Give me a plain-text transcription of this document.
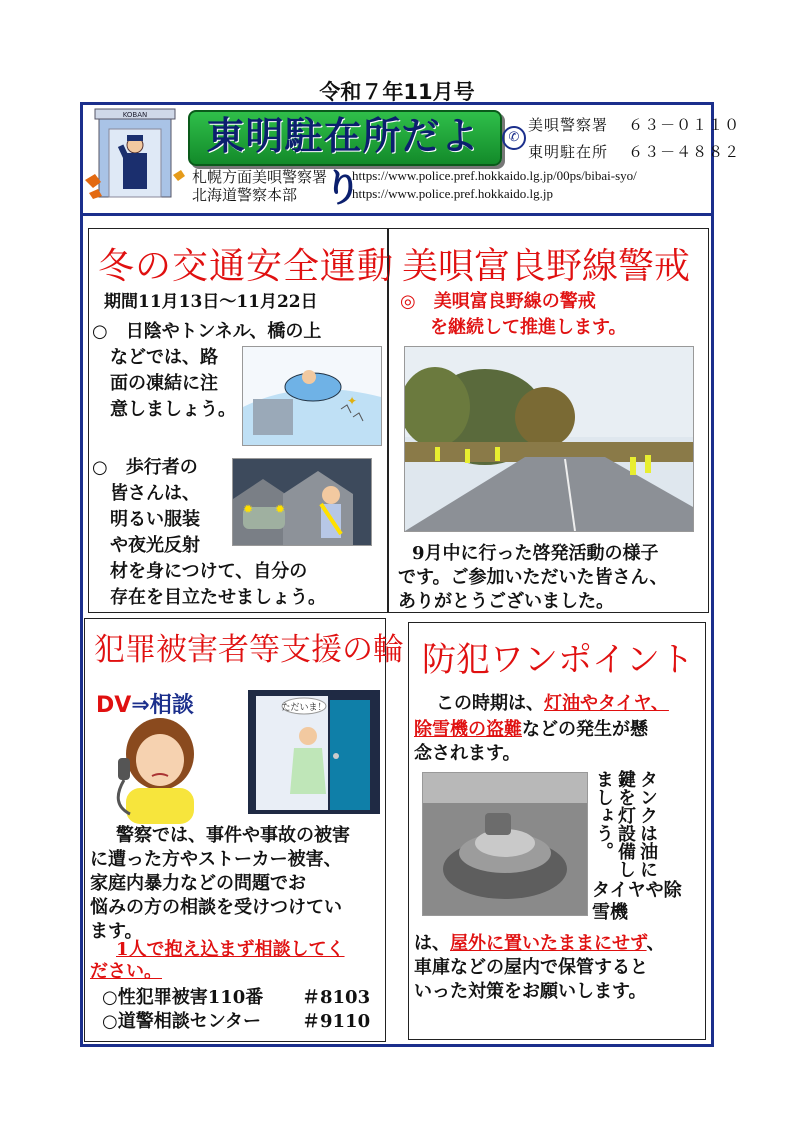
令和７年11月号
KOBAN	東明駐在所だより
✆
美唄警察署 ６３－０１１０
東明駐在所 ６３－４８８２
札幌方面美唄警察署 https://www.police.pref.hokkaido.lg.jp/00ps/bibai-syo/
北海道警察本部	https://www.police.pref.hokkaido.lg.jp
冬の交通安全運動
期間11月13日～11月22日
○　日陰やトンネル、橋の上
などでは、路
面の凍結に注
意しましょう。	✦
○　歩行者の
皆さんは、
明るい服装
や夜光反射
材を身につけて、自分の
存在を目立たせましょう。
✹ ✹
美唄富良野線警戒
◎　美唄富良野線の警戒
を継続して推進します。
9月中に行った啓発活動の様子
です。ご参加いただいた皆さん、
ありがとうございました。
犯罪被害者等支援の輪
DV⇒相談	ただいま！
警察では、事件や事故の被害
に遭った方やストーカー被害、
家庭内暴力などの問題でお
悩みの方の相談を受けつけてい
ます。
1人で抱え込まず相談してく
ださい。
○性犯罪被害110番 ＃8103
○道警相談センター ＃9110
防犯ワンポイント
この時期は、灯油やタイヤ、
除雪機の盗難などの発生が懸
念されます。
タンクは油に鍵を灯設備しましょう。
タイヤや除雪機
は、屋外に置いたままにせず、
車庫などの屋内で保管すると
いった対策をお願いします。
